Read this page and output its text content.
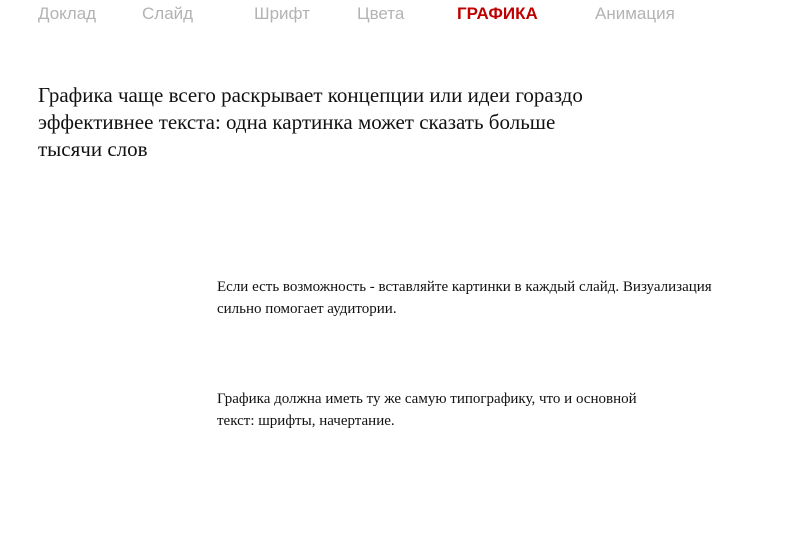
Доклад	Слайд	Шрифт	Цвета	ГРАФИКА	Анимация
Графика чаще всего раскрывает концепции или идеи гораздо
эффективнее текста: одна картинка может сказать больше
тысячи слов

Если есть возможность - вставляйте картинки в каждый слайд. Визуализация
сильно помогает аудитории.

Графика должна иметь ту же самую типографику, что и основной
текст: шрифты, начертание.
